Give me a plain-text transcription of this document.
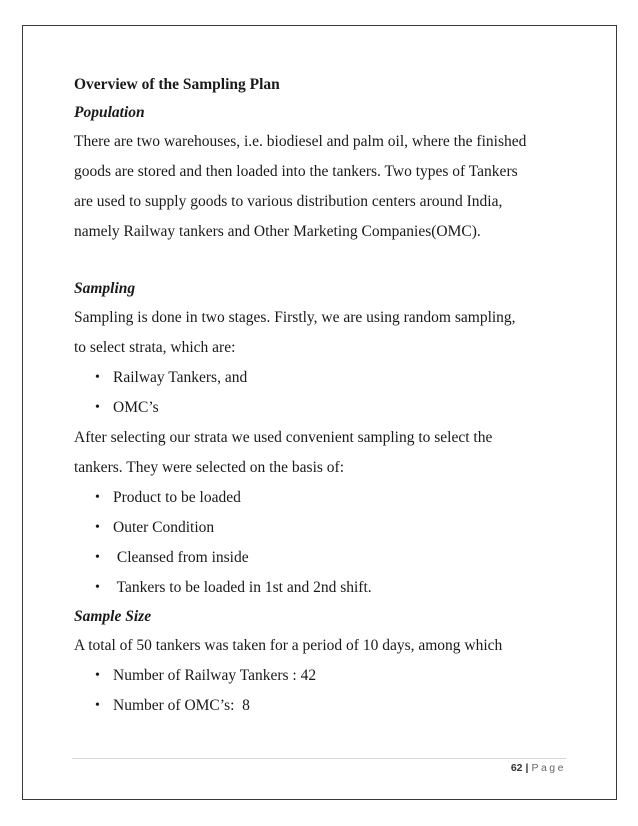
Overview of the Sampling Plan
Population
There are two warehouses, i.e. biodiesel and palm oil, where the finished
goods are stored and then loaded into the tankers. Two types of Tankers
are used to supply goods to various distribution centers around India,
namely Railway tankers and Other Marketing Companies(OMC).
Sampling
Sampling is done in two stages. Firstly, we are using random sampling,
to select strata, which are:
• Railway Tankers, and
• OMC’s
After selecting our strata we used convenient sampling to select the
tankers. They were selected on the basis of:
• Product to be loaded
• Outer Condition
• Cleansed from inside
• Tankers to be loaded in 1st and 2nd shift.
Sample Size
A total of 50 tankers was taken for a period of 10 days, among which
• Number of Railway Tankers : 42
• Number of OMC’s:  8
62 | Page
